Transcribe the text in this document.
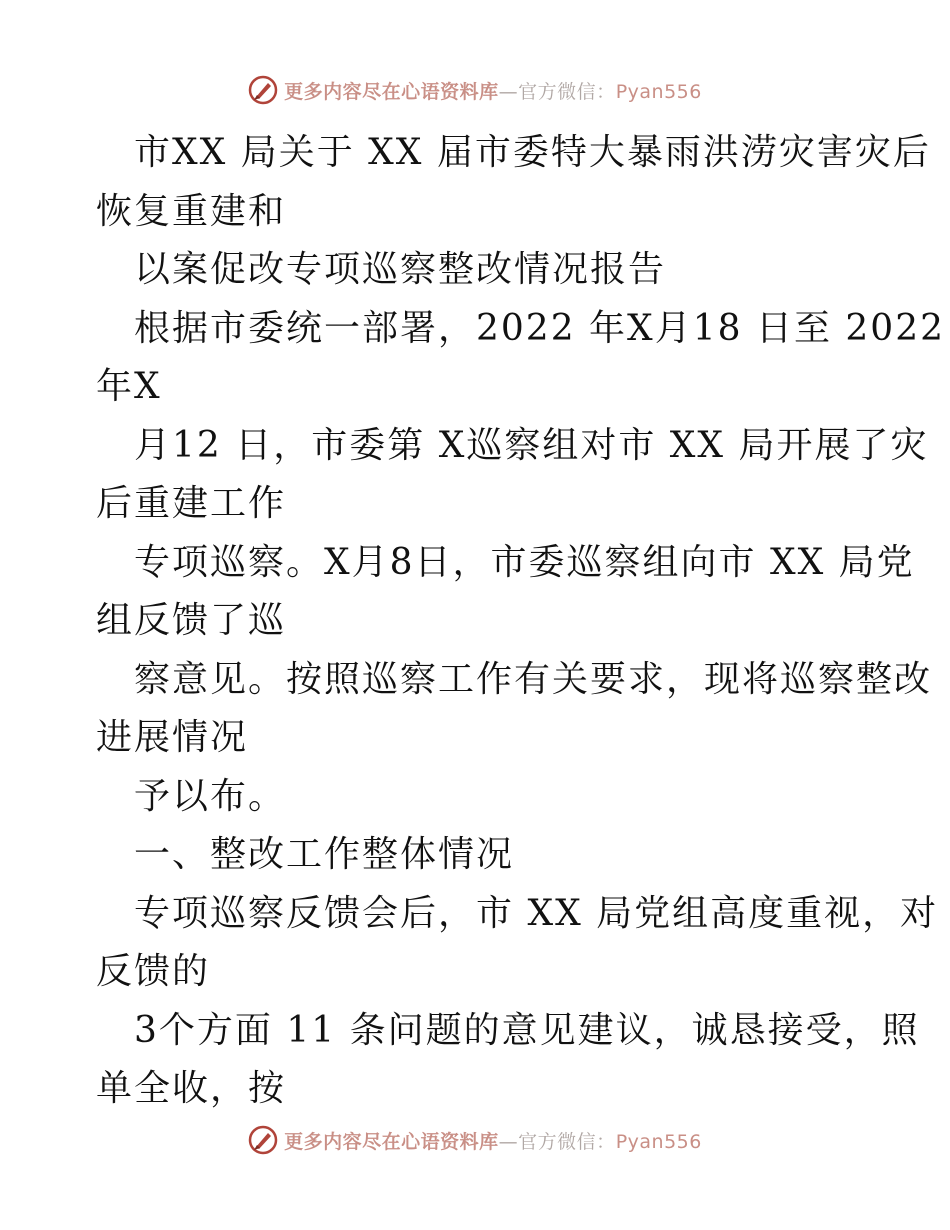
更多内容尽在心语资料库—官方微信：Pyan556
市XX 局关于 XX 届市委特大暴雨洪涝灾害灾后
恢复重建和
以案促改专项巡察整改情况报告
根据市委统一部署，2022 年X月18 日至 2022
年X
月12 日，市委第 X巡察组对市 XX 局开展了灾
后重建工作
专项巡察。X月8日，市委巡察组向市 XX 局党
组反馈了巡
察意见。按照巡察工作有关要求，现将巡察整改
进展情况
予以布。
一、整改工作整体情况
专项巡察反馈会后，市 XX 局党组高度重视，对
反馈的
3个方面 11 条问题的意见建议，诚恳接受，照
单全收，按
更多内容尽在心语资料库—官方微信：Pyan556
